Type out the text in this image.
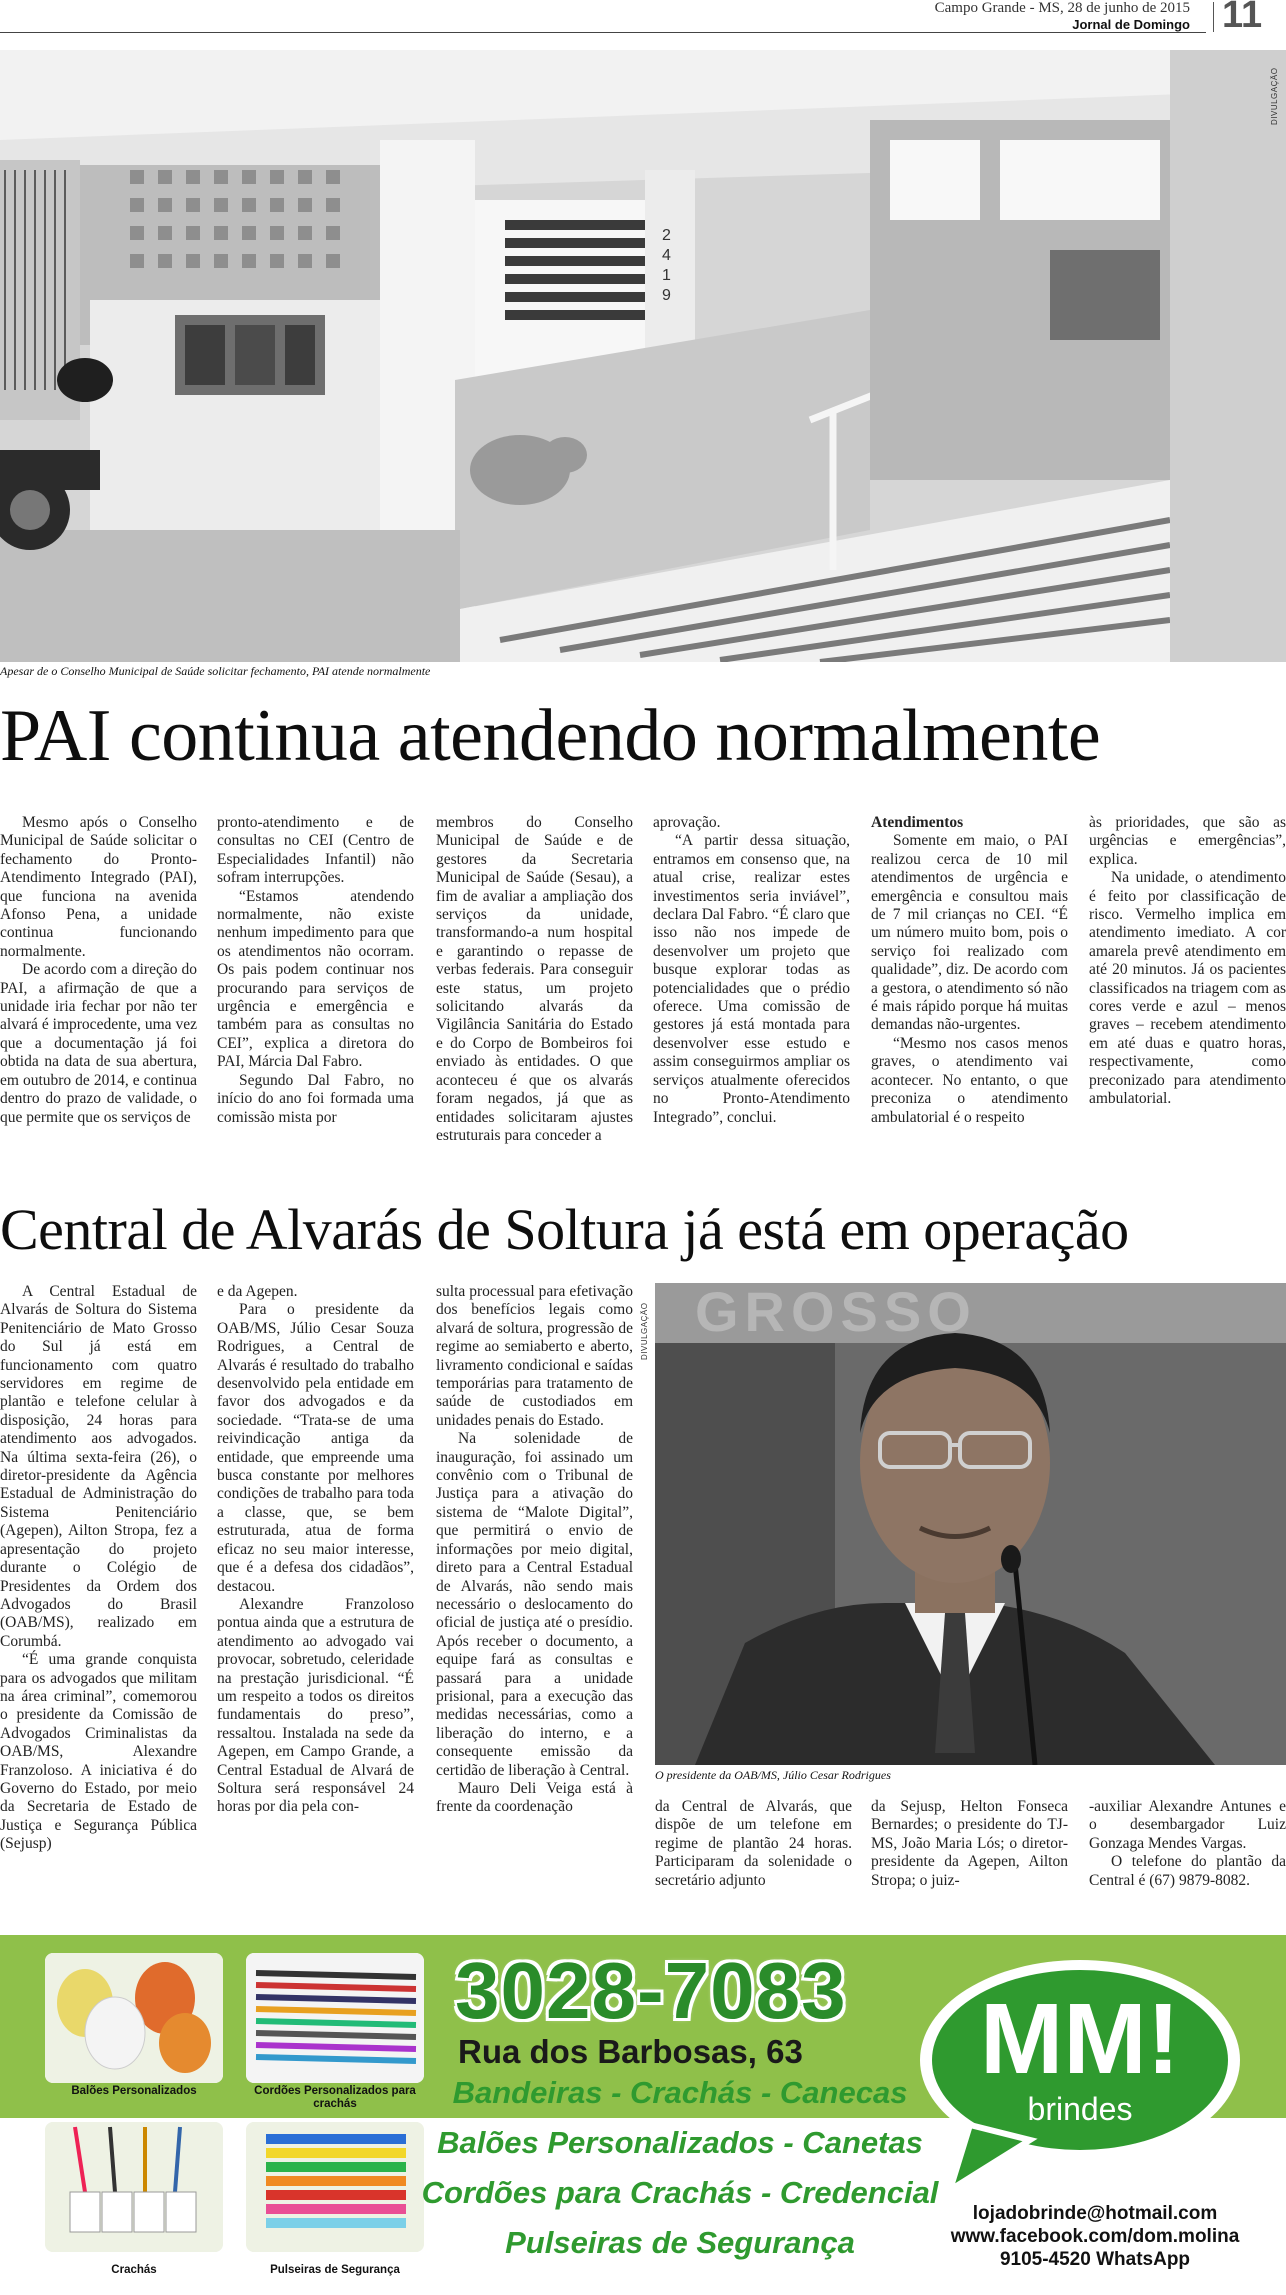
Campo Grande - MS, 28 de junho de 2015
Jornal de Domingo 11
2
4
1
9
DIVULGAÇÃO
Apesar de o Conselho Municipal de Saúde solicitar fechamento, PAI atende normalmente
PAI continua atendendo normalmente

Mesmo após o Conselho Municipal de Saúde solicitar o fechamento do Pronto-Atendimento Integrado (PAI), que funciona na avenida Afonso Pena, a unidade continua funcionando normalmente.

De acordo com a direção do PAI, a afirmação de que a unidade iria fechar por não ter alvará é improcedente, uma vez que a documentação já foi obtida na data de sua abertura, em outubro de 2014, e continua dentro do prazo de validade, o que permite que os serviços de

pronto-atendimento e de consultas no CEI (Centro de Especialidades Infantil) não sofram interrupções.

“Estamos atendendo normalmente, não existe nenhum impedimento para que os atendimentos não ocorram. Os pais podem continuar nos procurando para serviços de urgência e emergência e também para as consultas no CEI”, explica a diretora do PAI, Márcia Dal Fabro.

Segundo Dal Fabro, no início do ano foi formada uma comissão mista por

membros do Conselho Municipal de Saúde e de gestores da Secretaria Municipal de Saúde (Sesau), a fim de avaliar a ampliação dos serviços da unidade, transformando-a num hospital e garantindo o repasse de verbas federais. Para conseguir este status, um projeto solicitando alvarás da Vigilância Sanitária do Estado e do Corpo de Bombeiros foi enviado às entidades. O que aconteceu é que os alvarás foram negados, já que as entidades solicitaram ajustes estruturais para conceder a

aprovação.

“A partir dessa situação, entramos em consenso que, na atual crise, realizar estes investimentos seria inviável”, declara Dal Fabro. “É claro que isso não nos impede de desenvolver um projeto que busque explorar todas as potencialidades que o prédio oferece. Uma comissão de gestores já está montada para desenvolver esse estudo e assim conseguirmos ampliar os serviços atualmente oferecidos no Pronto-Atendimento Integrado”, conclui.

Atendimentos

Somente em maio, o PAI realizou cerca de 10 mil atendimentos de urgência e emergência e consultou mais de 7 mil crianças no CEI. “É um número muito bom, pois o serviço foi realizado com qualidade”, diz. De acordo com a gestora, o atendimento só não é mais rápido porque há muitas demandas não-urgentes.

“Mesmo nos casos menos graves, o atendimento vai acontecer. No entanto, o que preconiza o atendimento ambulatorial é o respeito

às prioridades, que são as urgências e emergências”, explica.

Na unidade, o atendimento é feito por classificação de risco. Vermelho implica em atendimento imediato. A cor amarela prevê atendimento em até 20 minutos. Já os pacientes classificados na triagem com as cores verde e azul – menos graves – recebem atendimento em até duas e quatro horas, respectivamente, como preconizado para atendimento ambulatorial.

Central de Alvarás de Soltura já está em operação

A Central Estadual de Alvarás de Soltura do Sistema Penitenciário de Mato Grosso do Sul já está em funcionamento com quatro servidores em regime de plantão e telefone celular à disposição, 24 horas para atendimento aos advogados. Na última sexta-feira (26), o diretor-presidente da Agência Estadual de Administração do Sistema Penitenciário (Agepen), Ailton Stropa, fez a apresentação do projeto durante o Colégio de Presidentes da Ordem dos Advogados do Brasil (OAB/MS), realizado em Corumbá.

“É uma grande conquista para os advogados que militam na área criminal”, comemorou o presidente da Comissão de Advogados Criminalistas da OAB/MS, Alexandre Franzoloso. A iniciativa é do Governo do Estado, por meio da Secretaria de Estado de Justiça e Segurança Pública (Sejusp)

e da Agepen.

Para o presidente da OAB/MS, Júlio Cesar Souza Rodrigues, a Central de Alvarás é resultado do trabalho desenvolvido pela entidade em favor dos advogados e da sociedade. “Trata-se de uma reivindicação antiga da entidade, que empreende uma busca constante por melhores condições de trabalho para toda a classe, que, se bem estruturada, atua de forma eficaz no seu maior interesse, que é a defesa dos cidadãos”, destacou.

Alexandre Franzoloso pontua ainda que a estrutura de atendimento ao advogado vai provocar, sobretudo, celeridade na prestação jurisdicional. “É um respeito a todos os direitos fundamentais do preso”, ressaltou. Instalada na sede da Agepen, em Campo Grande, a Central Estadual de Alvará de Soltura será responsável 24 horas por dia pela con-

sulta processual para efetivação dos benefícios legais como alvará de soltura, progressão de regime ao semiaberto e aberto, livramento condicional e saídas temporárias para tratamento de saúde de custodiados em unidades penais do Estado.

Na solenidade de inauguração, foi assinado um convênio com o Tribunal de Justiça para a ativação do sistema de “Malote Digital”, que permitirá o envio de informações por meio digital, direto para a Central Estadual de Alvarás, não sendo mais necessário o deslocamento do oficial de justiça até o presídio. Após receber o documento, a equipe fará as consultas e passará para a unidade prisional, para a execução das medidas necessárias, como a liberação do interno, e a consequente emissão da certidão de liberação à Central.

Mauro Deli Veiga está à frente da coordenação

DIVULGAÇÃO GROSSO
O presidente da OAB/MS, Júlio Cesar Rodrigues

da Central de Alvarás, que dispõe de um telefone em regime de plantão 24 horas. Participaram da solenidade o secretário adjunto

da Sejusp, Helton Fonseca Bernardes; o presidente do TJ-MS, João Maria Lós; o diretor-presidente da Agepen, Ailton Stropa; o juiz-

-auxiliar Alexandre Antunes e o desembargador Luiz Gonzaga Mendes Vargas.

O telefone do plantão da Central é (67) 9879-8082.

Balões Personalizados	Cordões Personalizados para crachás
Crachás	Pulseiras de Segurança
3028-7083
Rua dos Barbosas, 63
Bandeiras - Crachás - Canecas
Balões Personalizados - Canetas
Cordões para Crachás - Credencial
Pulseiras de Segurança
MM!
brindes
lojadobrinde@hotmail.com
www.facebook.com/dom.molina
9105-4520 WhatsApp
